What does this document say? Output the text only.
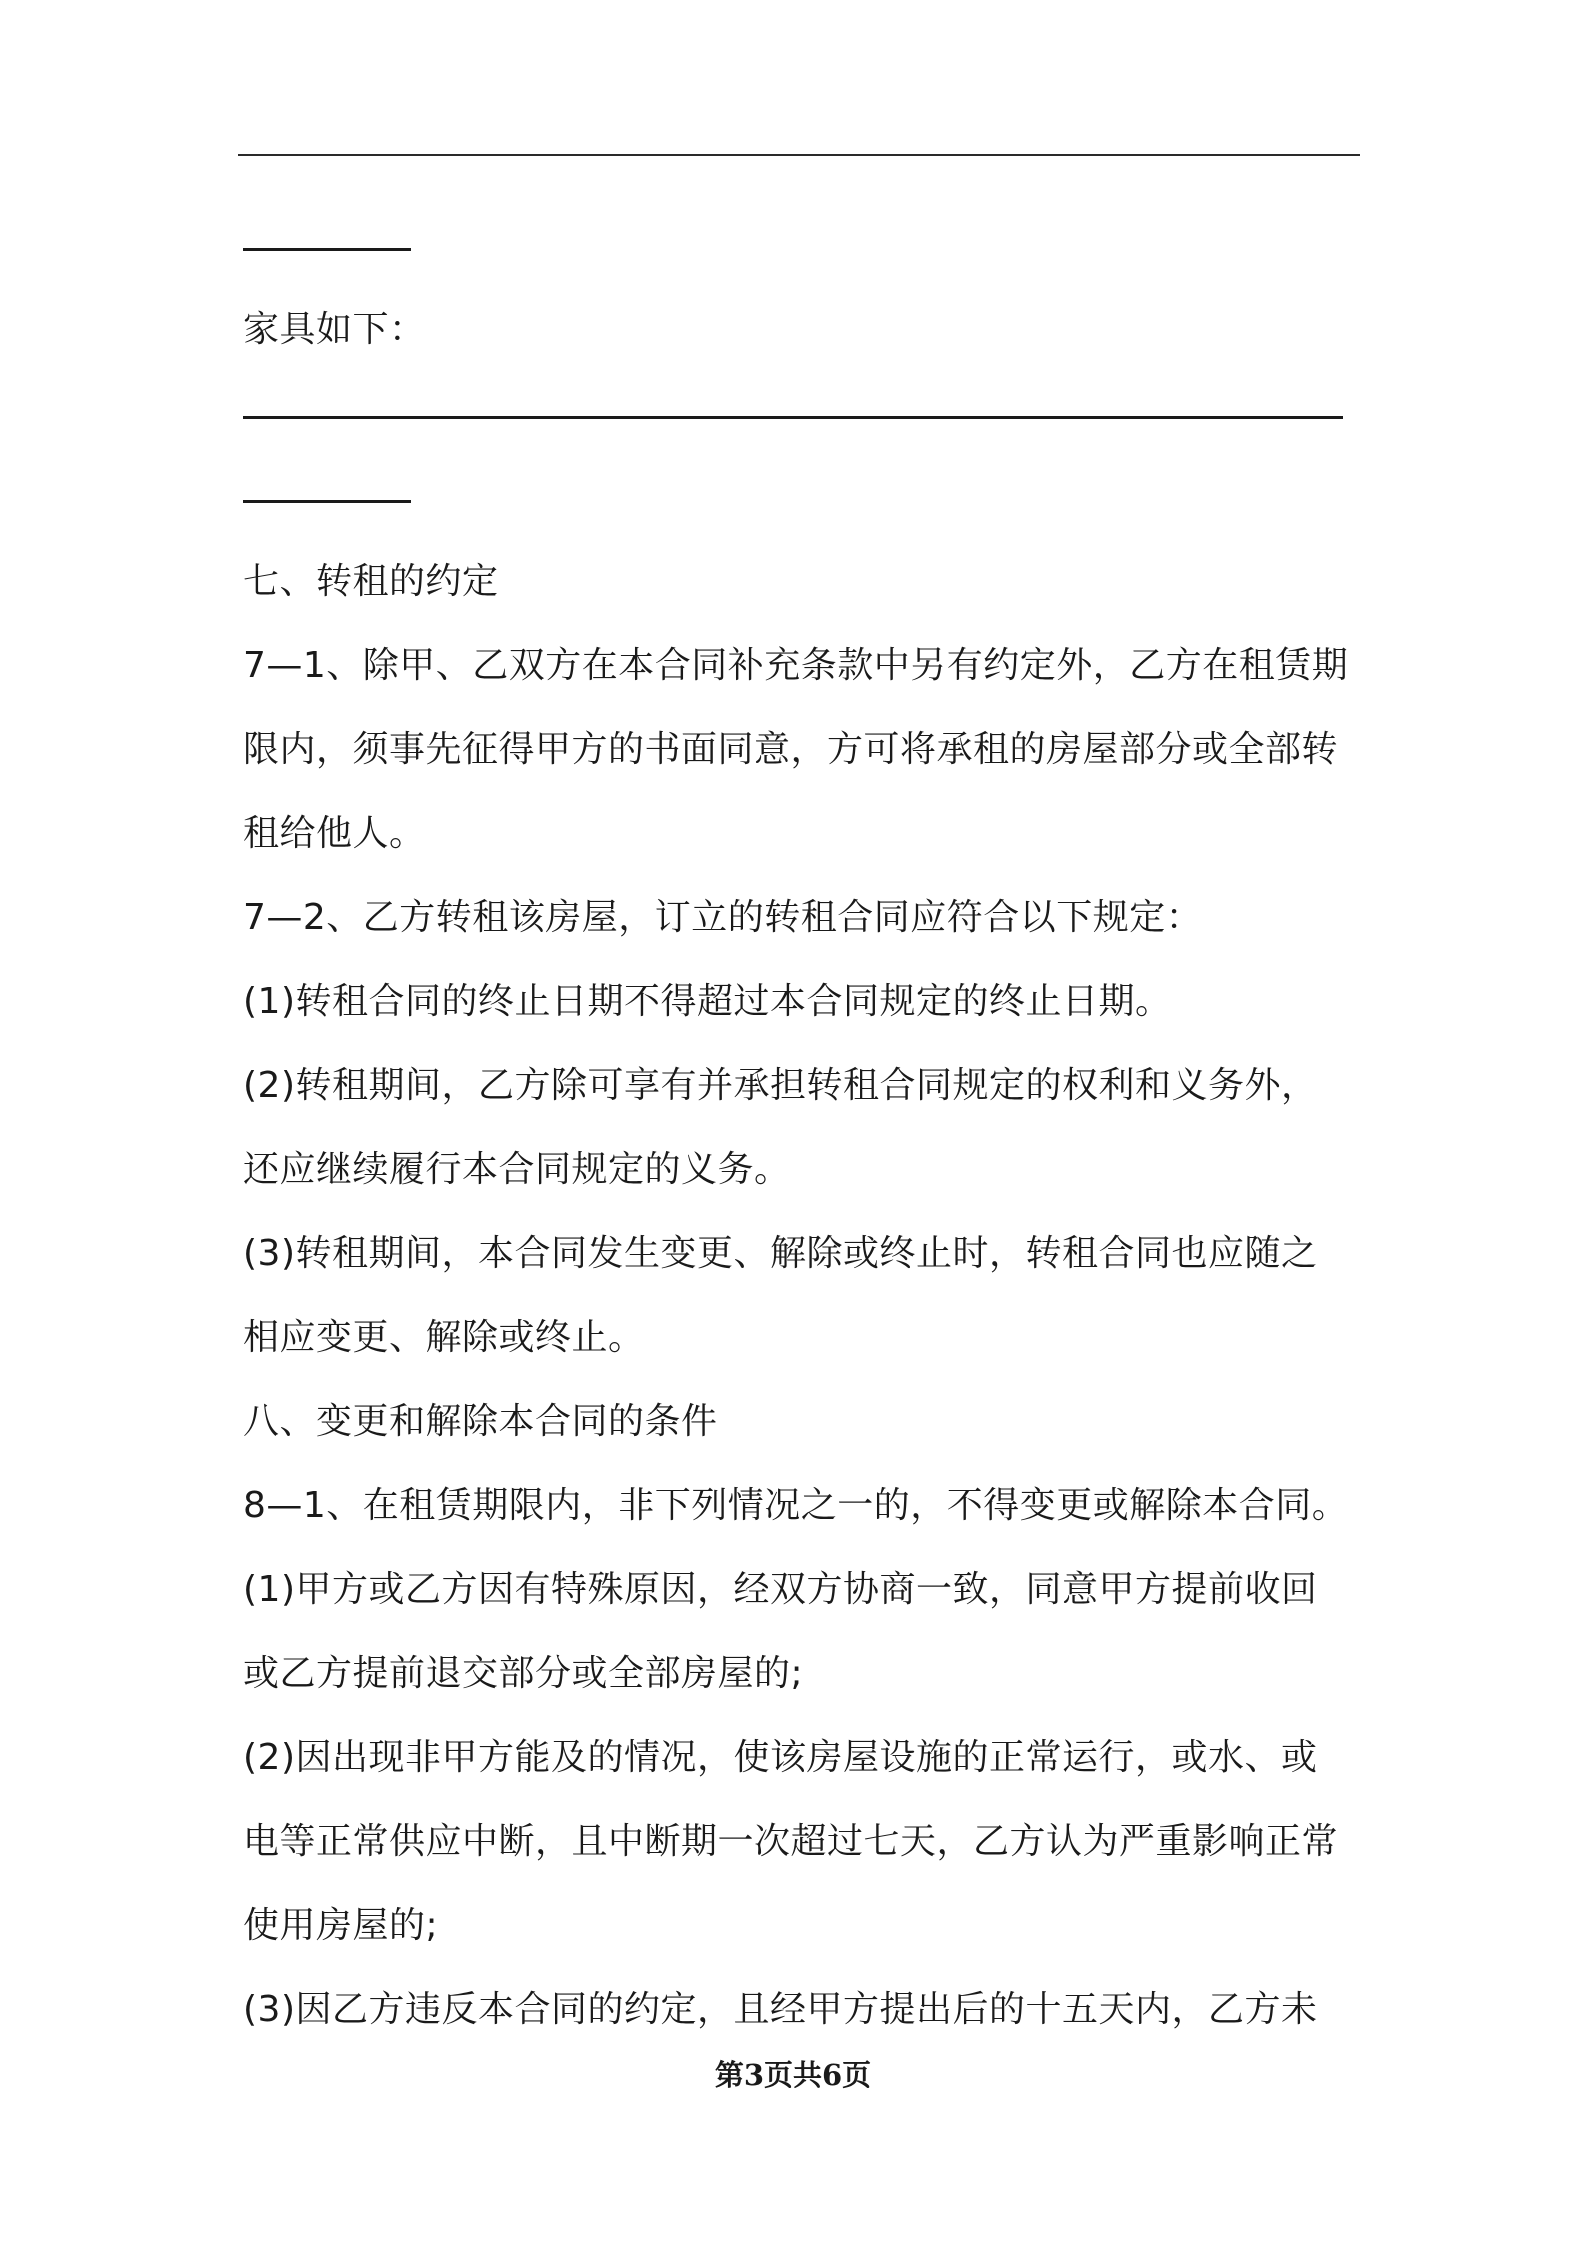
家具如下：
七、转租的约定
7—1、除甲、乙双方在本合同补充条款中另有约定外，乙方在租赁期
限内，须事先征得甲方的书面同意，方可将承租的房屋部分或全部转
租给他人。
7—2、乙方转租该房屋，订立的转租合同应符合以下规定：
(1)转租合同的终止日期不得超过本合同规定的终止日期。
(2)转租期间，乙方除可享有并承担转租合同规定的权利和义务外，
还应继续履行本合同规定的义务。
(3)转租期间，本合同发生变更、解除或终止时，转租合同也应随之
相应变更、解除或终止。
八、变更和解除本合同的条件
8—1、在租赁期限内，非下列情况之一的，不得变更或解除本合同。
(1)甲方或乙方因有特殊原因，经双方协商一致，同意甲方提前收回
或乙方提前退交部分或全部房屋的;
(2)因出现非甲方能及的情况，使该房屋设施的正常运行，或水、或
电等正常供应中断，且中断期一次超过七天，乙方认为严重影响正常
使用房屋的;
(3)因乙方违反本合同的约定，且经甲方提出后的十五天内，乙方未
第3页共6页
